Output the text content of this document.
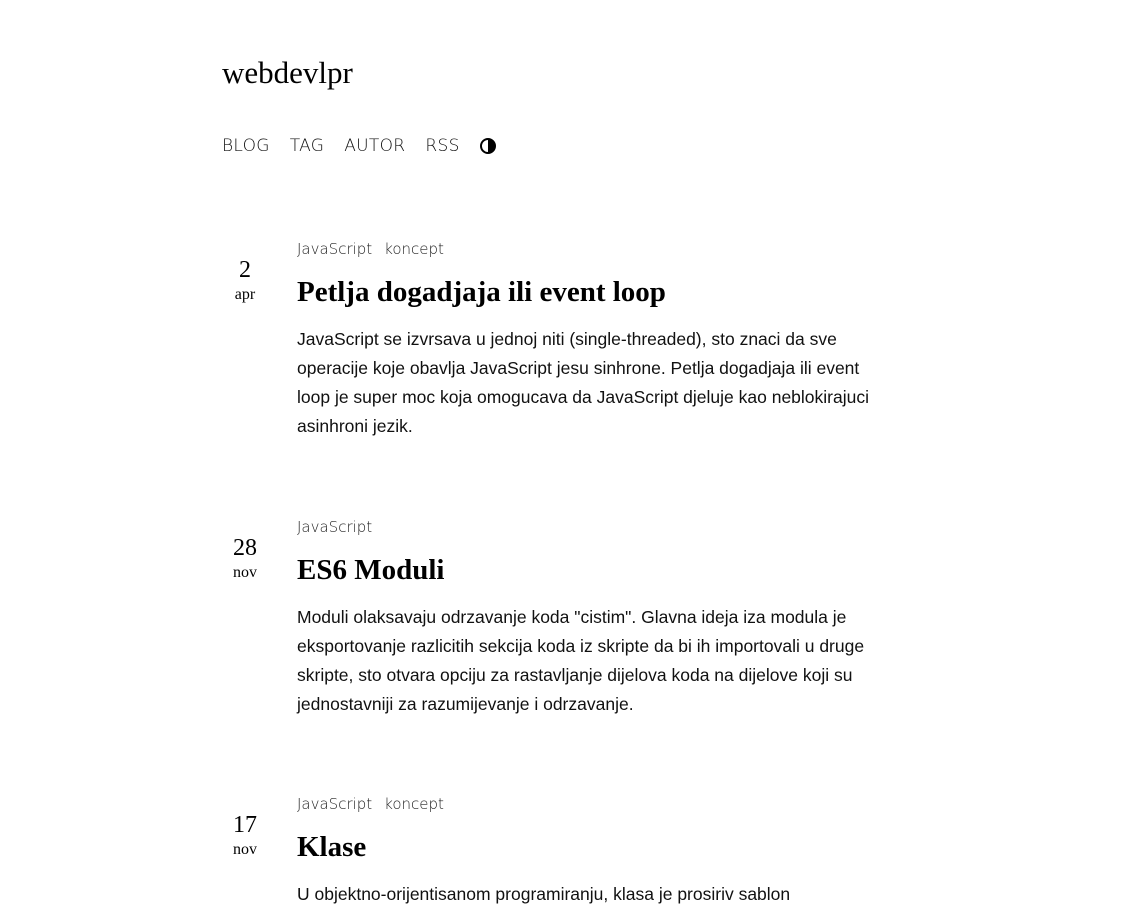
webdevlpr
BLOG TAG AUTOR RSS
2
apr
JavaScript koncept
Petlja dogadjaja ili event loop
JavaScript se izvrsava u jednoj niti (single-threaded), sto znaci da sve operacije koje obavlja JavaScript jesu sinhrone. Petlja dogadjaja ili event loop je super moc koja omogucava da JavaScript djeluje kao neblokirajuci asinhroni jezik.
28
nov
JavaScript
ES6 Moduli
Moduli olaksavaju odrzavanje koda "cistim". Glavna ideja iza modula je eksportovanje razlicitih sekcija koda iz skripte da bi ih importovali u druge skripte, sto otvara opciju za rastavljanje dijelova koda na dijelove koji su jednostavniji za razumijevanje i odrzavanje.
17
nov
JavaScript koncept
Klase
U objektno-orijentisanom programiranju, klasa je prosiriv sablon
